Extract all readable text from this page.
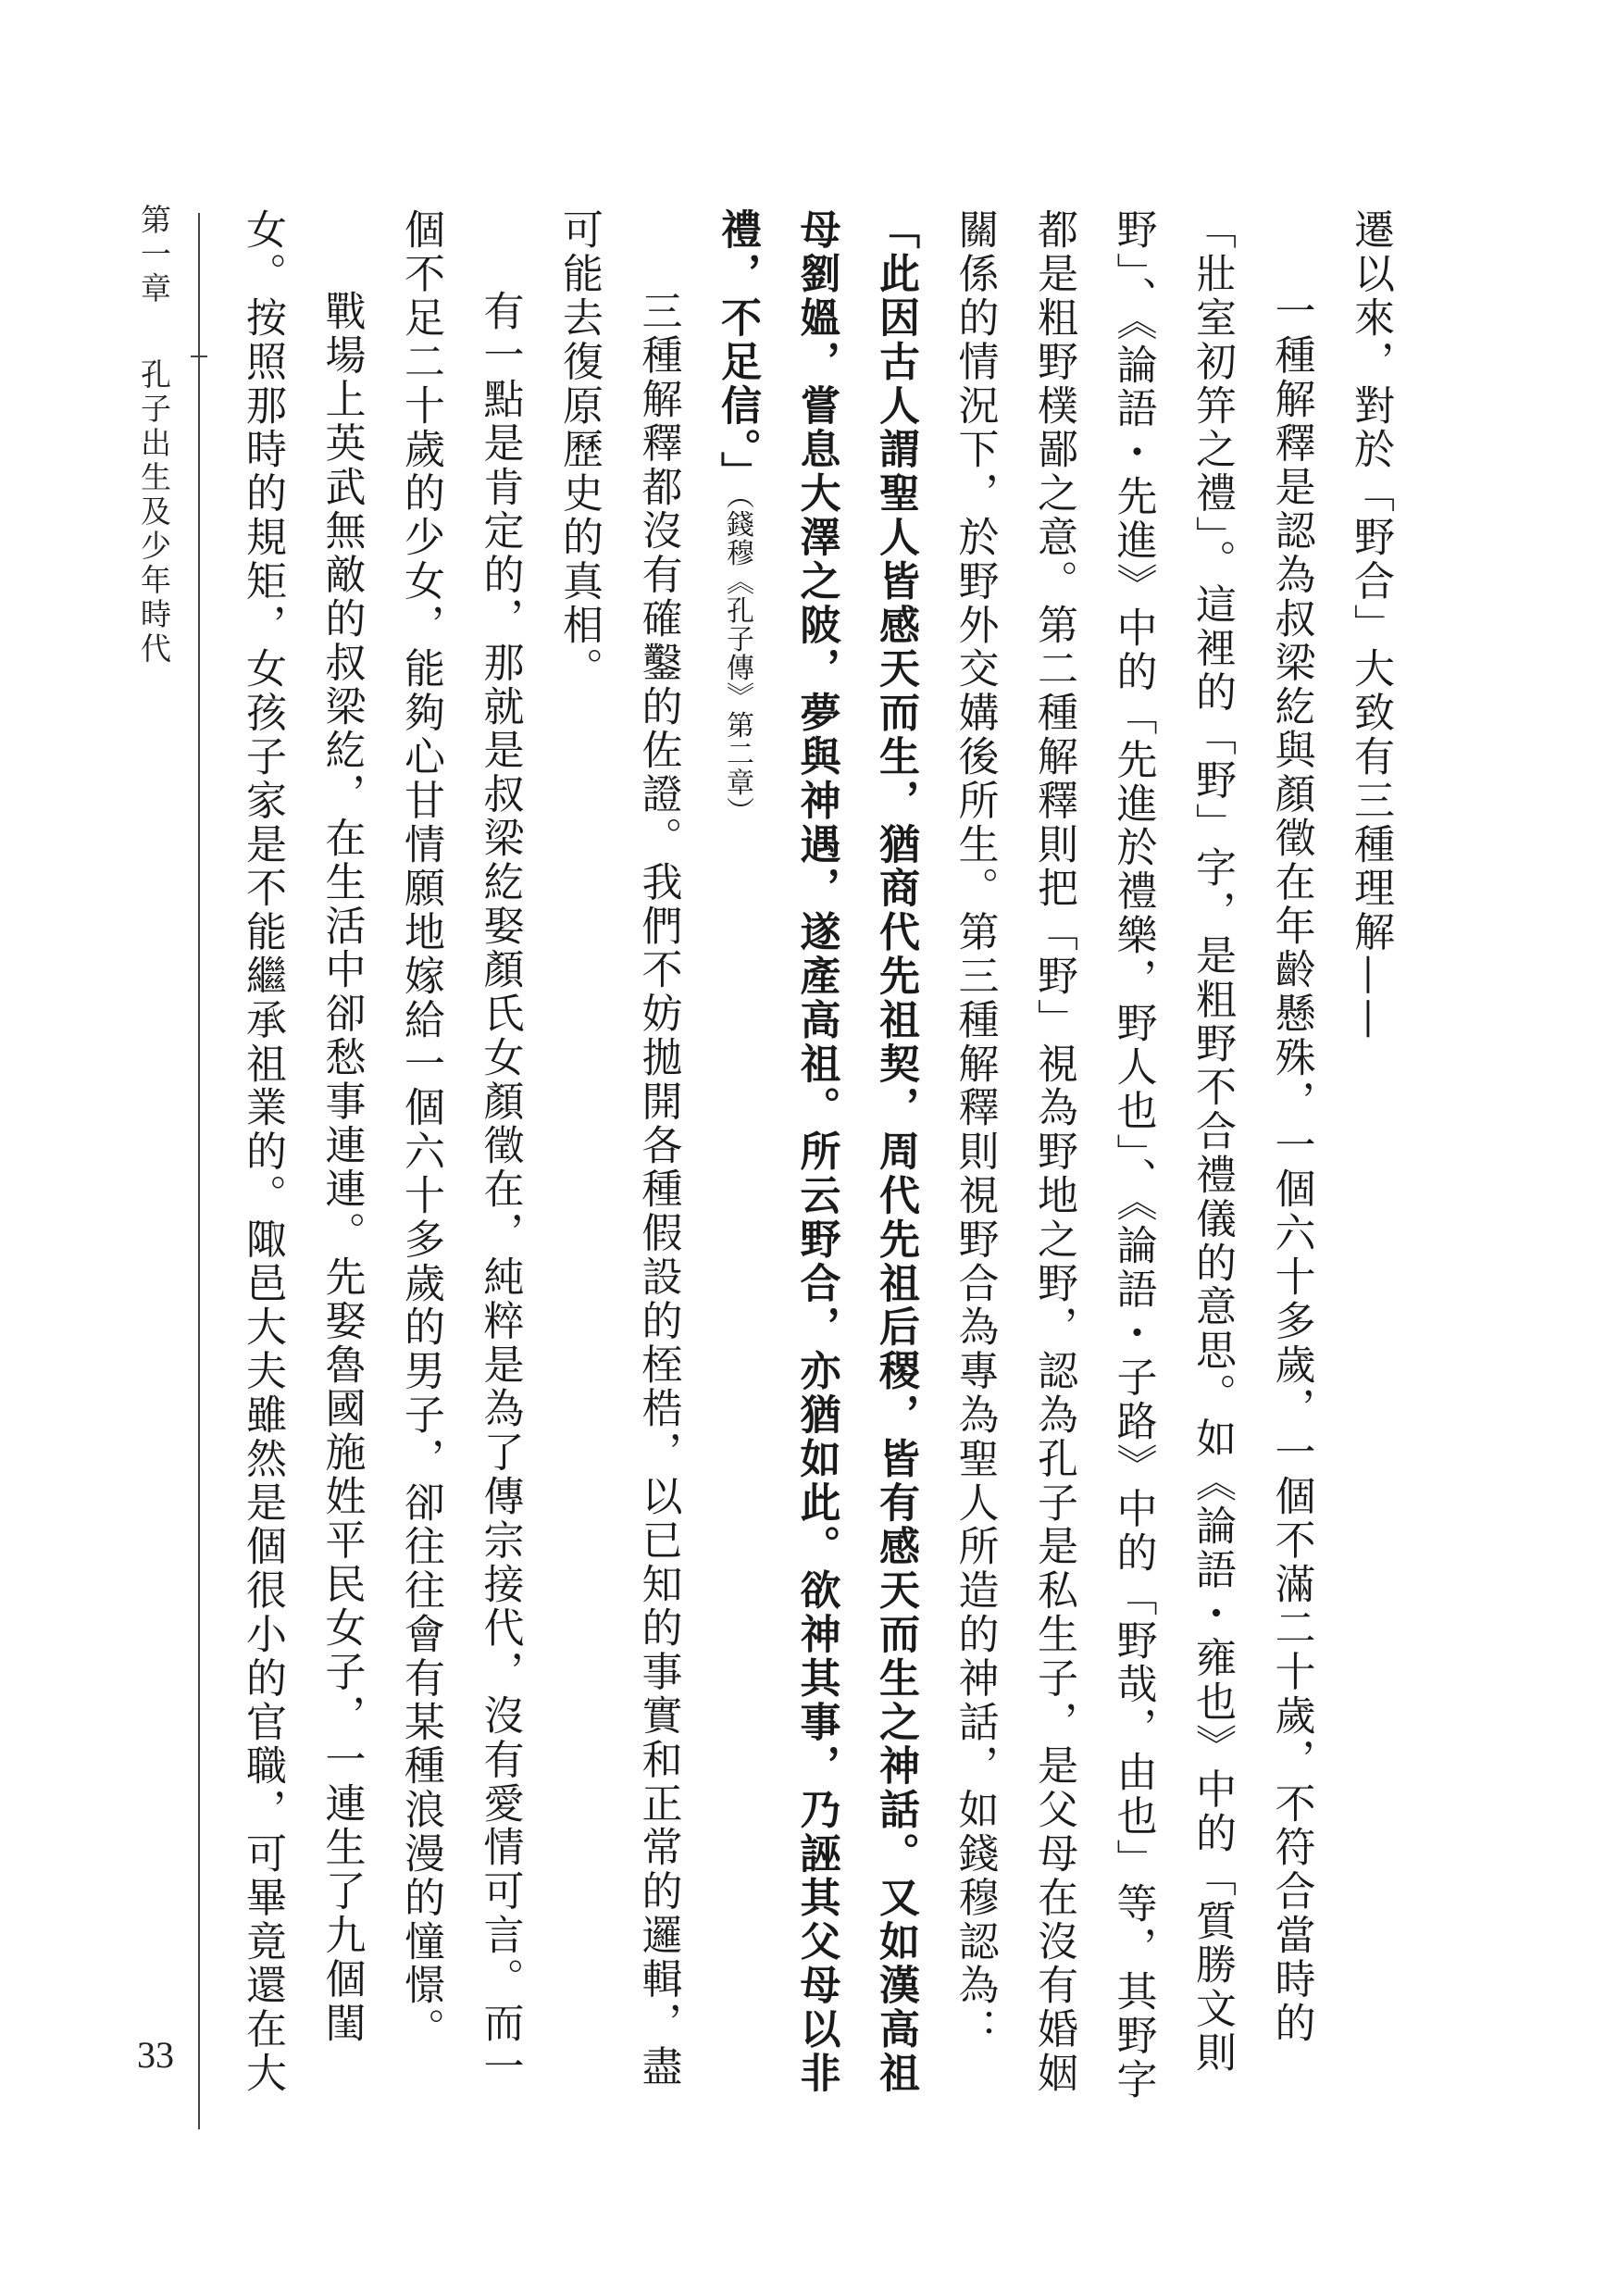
遷以來，對於「野合」大致有三種理解——

一種解釋是認為叔梁紇與顏徵在年齡懸殊，一個六十多歲，一個不滿二十歲，不符合當時的「壯室初笄之禮」。這裡的「野」字，是粗野不合禮儀的意思。如《論語・雍也》中的「質勝文則野」、《論語・先進》中的「先進於禮樂，野人也」、《論語・子路》中的「野哉，由也」等，其野字都是粗野樸鄙之意。第二種解釋則把「野」視為野地之野，認為孔子是私生子，是父母在沒有婚姻關係的情況下，於野外交媾後所生。第三種解釋則視野合為專為聖人所造的神話，如錢穆認為：「此因古人謂聖人皆感天而生，猶商代先祖契，周代先祖后稷，皆有感天而生之神話。又如漢高祖母劉媼，嘗息大澤之陂，夢與神遇，遂產高祖。所云野合，亦猶如此。欲神其事，乃誣其父母以非禮，不足信。」（錢穆《孔子傳》第二章）

三種解釋都沒有確鑿的佐證。我們不妨拋開各種假設的桎梏，以已知的事實和正常的邏輯，盡可能去復原歷史的真相。

有一點是肯定的，那就是叔梁紇娶顏氏女顏徵在，純粹是為了傳宗接代，沒有愛情可言。而一個不足二十歲的少女，能夠心甘情願地嫁給一個六十多歲的男子，卻往往會有某種浪漫的憧憬。

戰場上英武無敵的叔梁紇，在生活中卻愁事連連。先娶魯國施姓平民女子，一連生了九個閨女。按照那時的規矩，女孩子家是不能繼承祖業的。陬邑大夫雖然是個很小的官職，可畢竟還在大

第一章孔子出生及少年時代
33
